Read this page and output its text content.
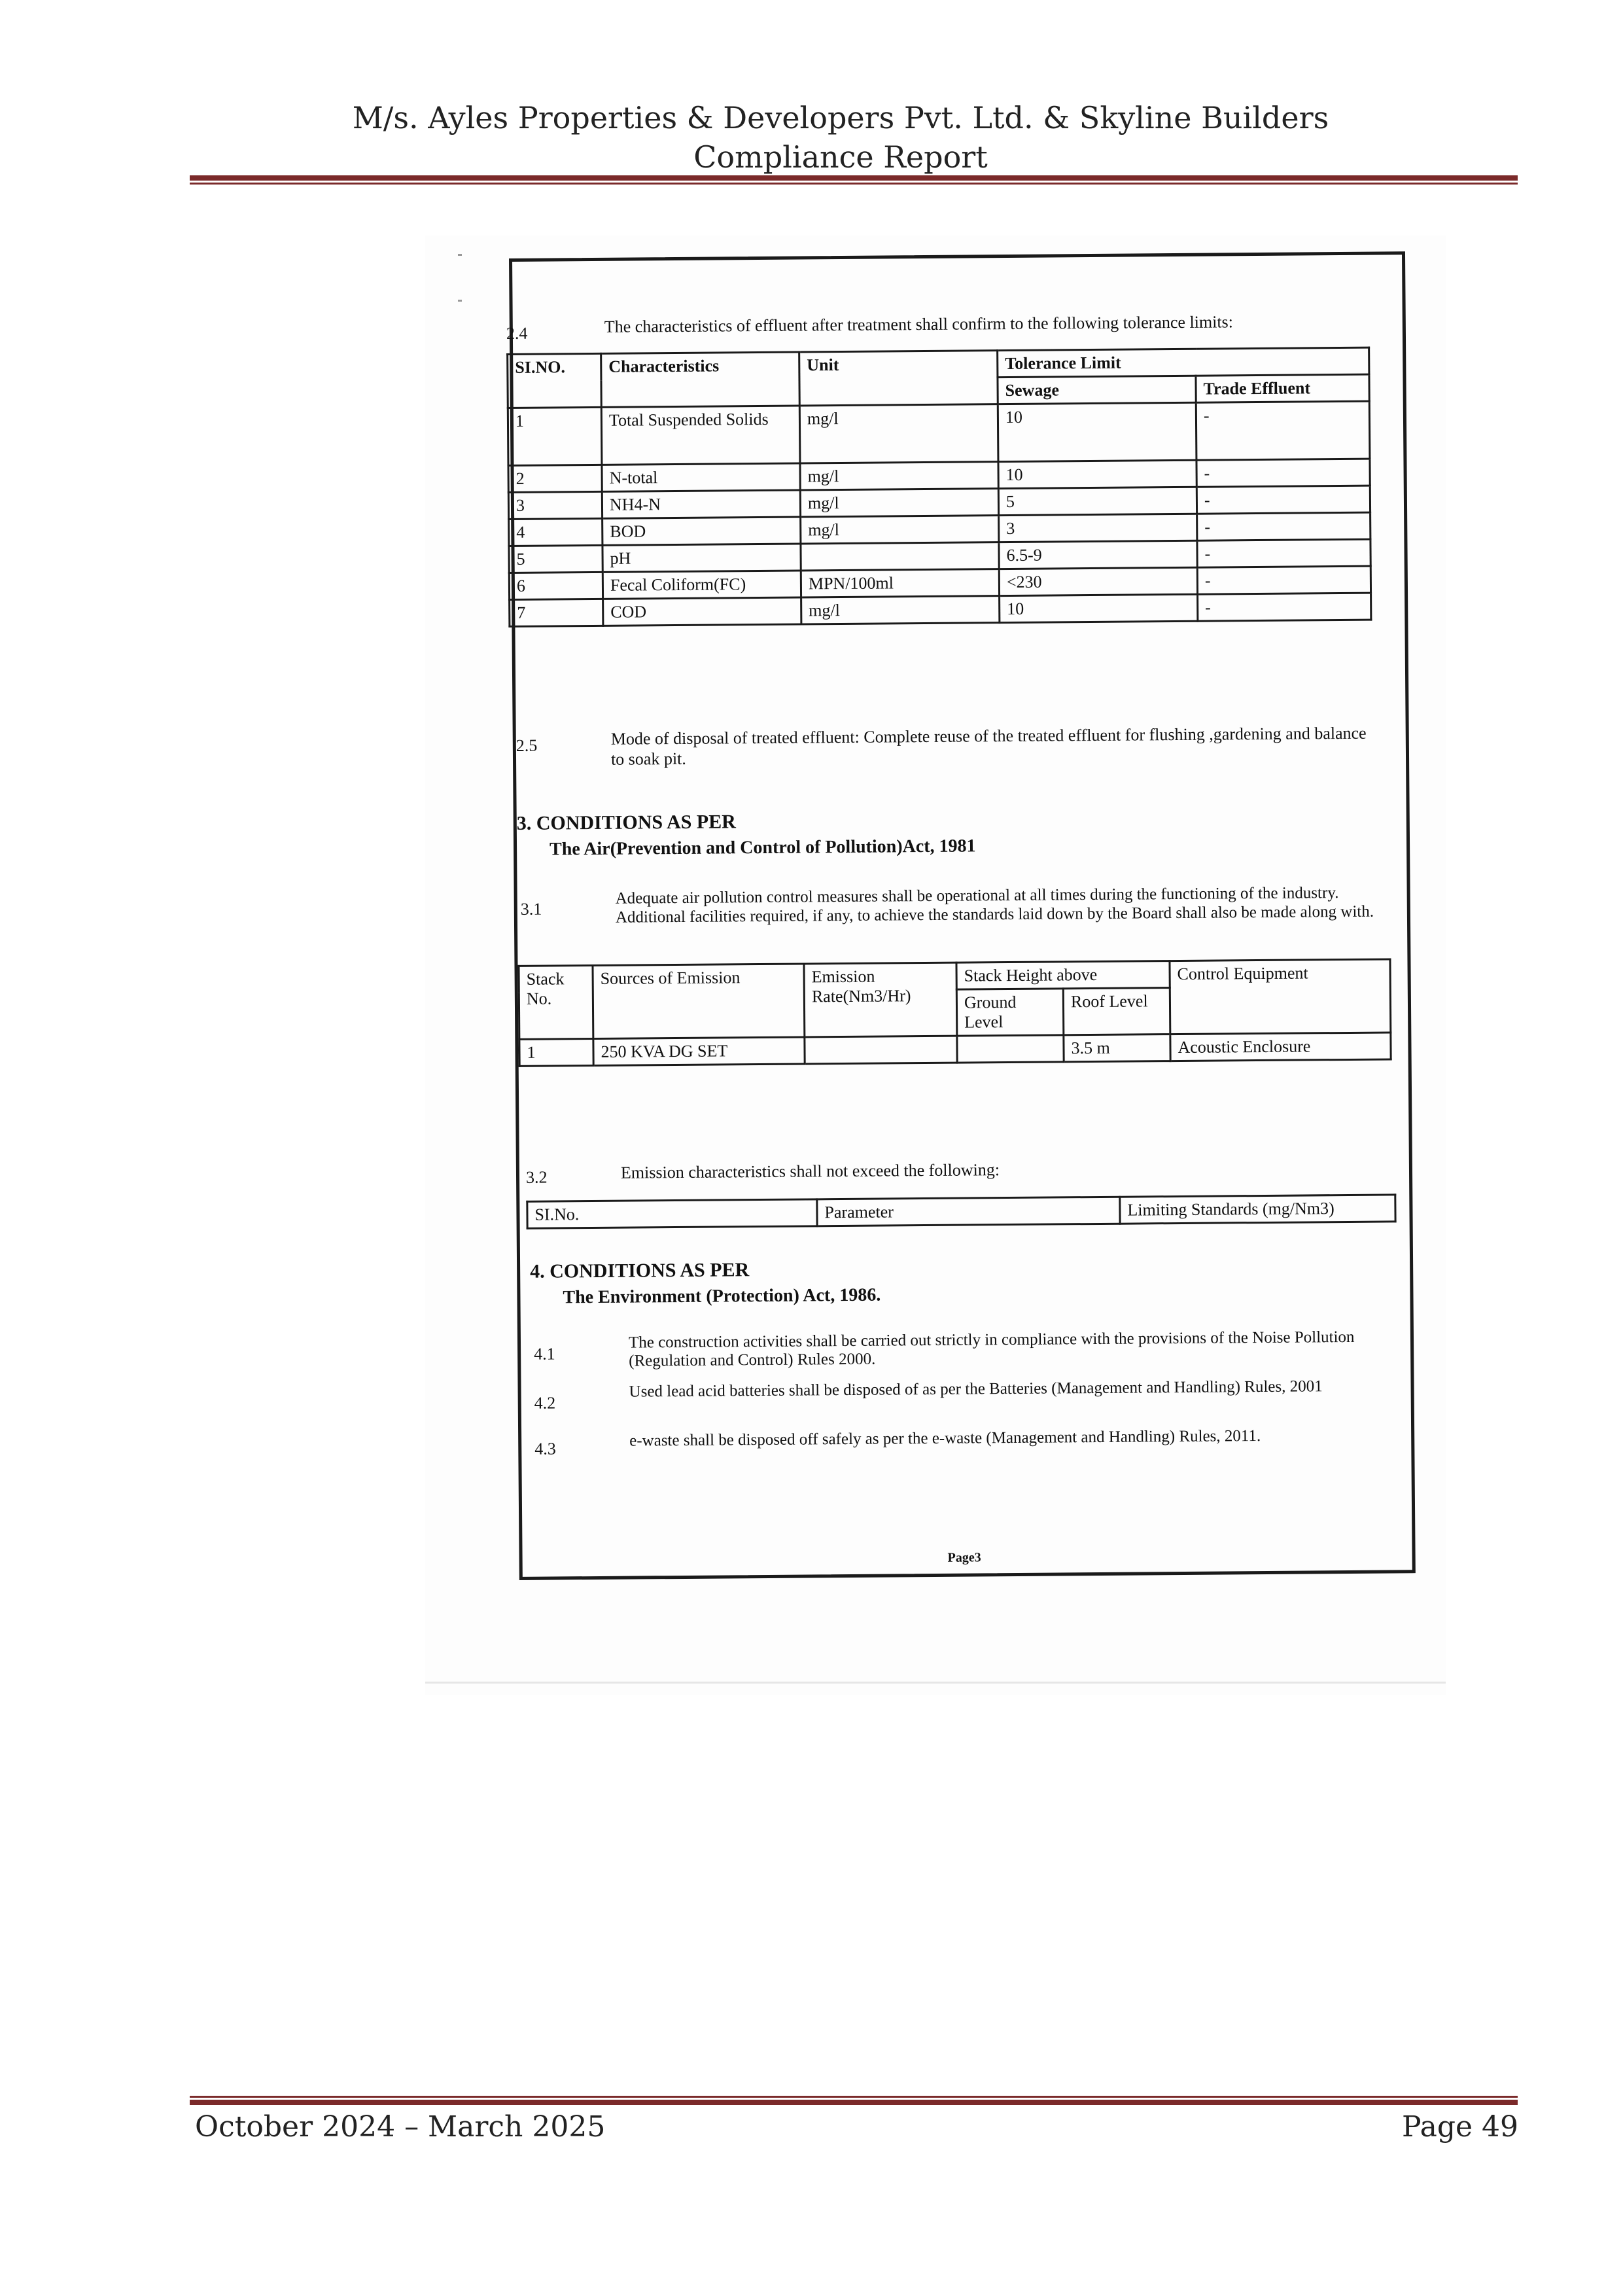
M/s. Ayles Properties & Developers Pvt. Ltd. & Skyline Builders
Compliance Report
2.4	The characteristics of effluent after treatment shall confirm to the following tolerance limits:
SI.NO.	Characteristics	Unit	Tolerance Limit	
			Sewage	Trade Effluent
1	Total Suspended Solids	mg/l	10	-
2	N-total	mg/l	10	-
3	NH4-N	mg/l	5	-
4	BOD	mg/l	3	-
5	pH		6.5-9	-
6	Fecal Coliform(FC)	MPN/100ml	<230	-
7	COD	mg/l	10	-
2.5	Mode of disposal of treated effluent: Complete reuse of the treated effluent for flushing ,gardening and balance to soak pit.
3. CONDITIONS AS PER
The Air(Prevention and Control of Pollution)Act, 1981
3.1
Adequate air pollution control measures shall be operational at all times during the functioning of the industry. Additional facilities required, if any, to achieve the standards laid down by the Board shall also be made along with.
Stack No.	Sources of Emission	Emission Rate(Nm3/Hr)	Stack Height above		Control Equipment
			Ground Level	Roof Level	
1	250 KVA DG SET			3.5 m	Acoustic Enclosure
3.2	Emission characteristics shall not exceed the following:
SI.No.	Parameter	Limiting Standards (mg/Nm3)
4. CONDITIONS AS PER
The Environment (Protection) Act, 1986.
4.1
The construction activities shall be carried out strictly in compliance with the provisions of the Noise Pollution (Regulation and Control) Rules 2000.
4.2
Used lead acid batteries shall be disposed of as per the Batteries (Management and Handling) Rules, 2001
4.3	e-waste shall be disposed off safely as per the e-waste (Management and Handling) Rules, 2011.
Page3
October 2024 – March 2025	Page 49
